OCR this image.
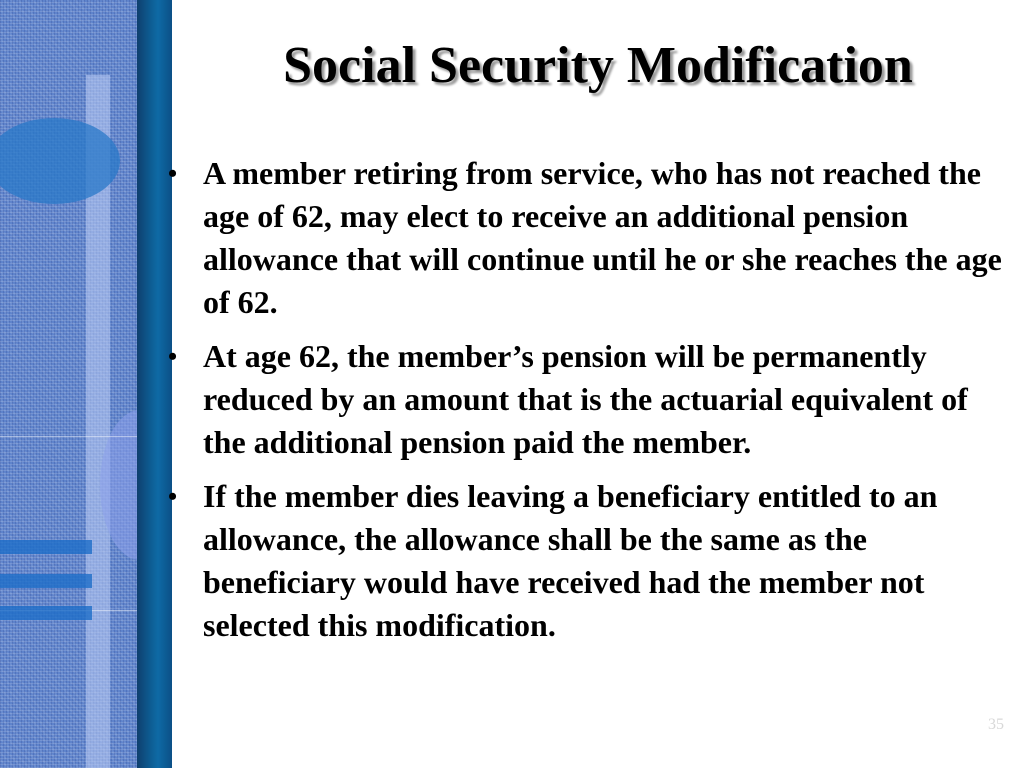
Social Security Modification
• A member retiring from service, who has not reached the age of 62, may elect to receive an additional pension allowance that will continue until he or she reaches the age of 62.
• At age 62, the member’s pension will be permanently reduced by an amount that is the actuarial equivalent of the additional pension paid the member.
• If the member dies leaving a beneficiary entitled to an allowance, the allowance shall be the same as the beneficiary would have received had the member not selected this modification.
35
